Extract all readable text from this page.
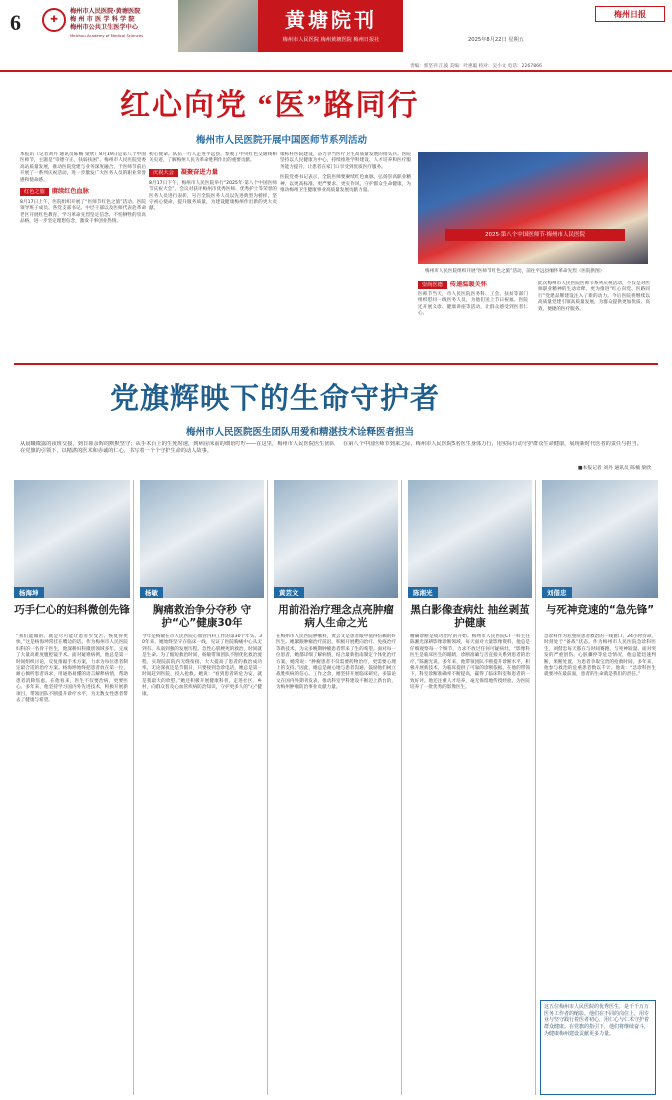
6	✚
梅州市人民医院·黄塘医院
梅 州 市 医 学 科 学 院
梅州市公共卫生医学中心
Meizhou Academy of Medical Sciences
黄塘院刊
梅州市人民医院 梅州黄塘医院 梅州日报社
梅州日报
2025年8月22日 星期五
责编：郭坚刊 江波 美编：叶惠聪 校对：吴小文 电话：2267866
红心向党 “医”路同行
梅州市人民医院开展中国医师节系列活动

本报讯（记者刘丹 通讯员陈楠 梁欣）8月19日是第八个中国医师节，主题是“崇德守正，扶弱扶困”。梅州市人民医院党委高站质量发展，推动医院党建与业务深度融合，于医师节前后开展了一系列庆祝活动，进一步激发广大医务人员的职业荣誉感和使命感。

红色之旅	赓续红色血脉

8月17日上午，医院组织开展了“医师节红色之旅”活动。医院领导班子成员、各党支部书记、中层干部以及医师代表赴革命老区开展红色教育，学习革命先烈坚定信念、不怕牺牲的崇高品格，进一步坚定理想信念，激发干事创业热情。

初心使命。队伍一行人走进平远县，参观了中央红色交通线相关史迹，了解梅州人民为革命胜利作出的重要贡献。

庆祝大会	凝聚奋进力量

8月17日下午，梅州市人民医院举行“2025年·第八个中国医师节庆祝大会”。会议对获评梅州市优秀医师、优秀护士等荣誉的医务人员进行表彰，号召全院医务人员以先进典型为榜样，坚守初心使命，提升服务质量，为建设健康梅州作出新的更大贡献。

康标杆医院建设，奋力争当医疗卫生高质量发展的排头兵。医院坚持以人民健康为中心，持续推进学科建设、人才培养和医疗服务能力提升，让患者在家门口享受到优质医疗服务。

医院党委书记表示，全院医师要赓续红色血脉，弘扬崇高职业精神，以更高标准、更严要求、更实作风，守护群众生命健康，为推动梅州卫生健康事业高质量发展贡献力量。

2025·第八个中国医师节·梅州市人民医院
梅州市人民医院组织开展“医师节红色之旅”活动，前往平远县缅怀革命先烈（医院供图）
崇尚医德	传递温暖关怀

医师节当天，市人民医院医务科、工会、扶贫等部门组织慰问一线医务人员，为他们送上节日祝福。医院还开展义诊、健康讲座等活动，让群众感受到医者仁心。

此次梅州市人民医院医师节系列庆祝活动，不仅是对医师职业精神的生动诠释，更为推进“红心向党、医路同行”党建品牌建设注入了新的动力。今后医院将继续以高质量党建引领高质量发展，为群众提供更加优质、高效、便捷的医疗服务。

党旗辉映下的生命守护者
梅州市人民医院医生团队用爱和精湛技术诠释医者担当
从晨曦微露的夜班交接，到日暮余晖的默默坚守；从手术台上的生死时速，到病房床前的细语叮咛——在这里，梅州市人民医院医生团队在党旗的引领下，以精湛的医术和赤诚的仁心，书写着一个个守护生命的动人故事。
在第八个中国医师节到来之际，梅州市人民医院5名医生身体力行，用实际行动守护群众生命健康，展现新时代医者的责任与担当。
■本报记者 刘丹 通讯员 陈楠 梁欣
杨海坤
巧手仁心的妇科微创先锋
“我们能做的，就是尽可能让患者少受苦、恢复得更快。”这是杨海坤常挂在嘴边的话。作为梅州市人民医院妇科的一名骨干医生，他深耕妇科微创领域多年，完成了大量高难度腹腔镜手术。面对疑难病例，他总是第一时间组织讨论，反复推敲手术方案，力求为每位患者制定最合适的治疗方案。杨海坤始终把患者放在第一位，耐心倾听患者诉求，用通俗易懂的语言解释病情，帮助患者消除焦虑。在他看来，医生不仅要治病，更要医心。多年来，他坚持学习国内外先进技术，积极开展新项目，带领团队不断提升诊疗水平，为无数女性患者带去了健康与希望。
杨敏
胸痛救治争分夺秒 守护“心”健康30年
今年是杨敏在市人民医院心血管内科工作的第30个年头。30年来，她始终坚守在临床一线，见证了医院胸痛中心从无到有、从弱到强的发展历程。急性心肌梗死的救治，时间就是生命。为了缩短救治时间，杨敏带领团队不断优化救治流程，实现院前院内无缝衔接，大大提高了患者的救治成功率。无论深夜还是节假日，只要接到急诊电话，她总是第一时间赶到医院，投入抢救。她说：“看到患者转危为安，就是我最大的欣慰。”她还积极开展健康科普，走进社区、乡村，向群众普及心血管疾病防治知识，守护更多人的“心”健康。
黄芸文
用前沿治疗理念点亮肿瘤病人生命之光
在梅州市人民医院肿瘤科，黄芸文是患者眼中值得信赖的好医生。她紧跟肿瘤治疗前沿，积极开展靶向治疗、免疫治疗等新技术，为众多晚期肿瘤患者带来了生的希望。面对每一位患者，她都详细了解病情，结合最新指南制定个体化治疗方案。她常说：“肿瘤患者不仅需要药物治疗，更需要心理上的支持。”因此，她总是耐心地与患者沟通，鼓励他们树立战胜疾病的信心。工作之余，她坚持开展临床研究，多篇论文在国内外期刊发表，推动科室学科建设不断迈上新台阶，为梅州肿瘤防治事业贡献力量。
陈湘光
黑白影像查病灶 抽丝剥茧护健康
精确诊断是成功治疗的开始。梅州市人民医院CT一科主任陈湘光深耕影像诊断领域，每天面对大量影像资料，他总是仔细观察每一个细节，力求不放过任何可疑病灶。“影像科医生是临床医生的眼睛，诊断准确与否直接关系到患者的治疗。”陈湘光说。多年来，他带领团队不断提升诊断水平，积极开展新技术，为临床提供了可靠的诊断依据。在他的带领下，科室诊断准确率不断提高，赢得了临床科室和患者的一致好评。他还注重人才培养，毫无保留地传授经验，为医院培养了一批优秀的影像医生。
刘偕忠
与死神竞速的“急先锋”
急诊科作为危重症患者救治的一线窗口，24小时待命，时刻处于“备战”状态。作为梅州市人民医院急诊科医生，刘偕忠每天都在与时间赛跑，与死神较量。面对突发的严重创伤、心脏骤停等危急情况，他总能迅速判断，果断处置，为患者争取宝贵的抢救时间。多年来，他参与救治的危重患者数以千计。他说：“急诊科医生就要冲在最前面，患者的生命就是我们的责任。”
这五位梅州市人民医院的优秀医生，是千千万万医务工作者的缩影。他们在不同的岗位上，用专业与坚守践行着医者初心，用仁心与仁术守护着群众健康。在党旗的指引下，他们将继续奋斗，为健康梅州建设贡献更多力量。
